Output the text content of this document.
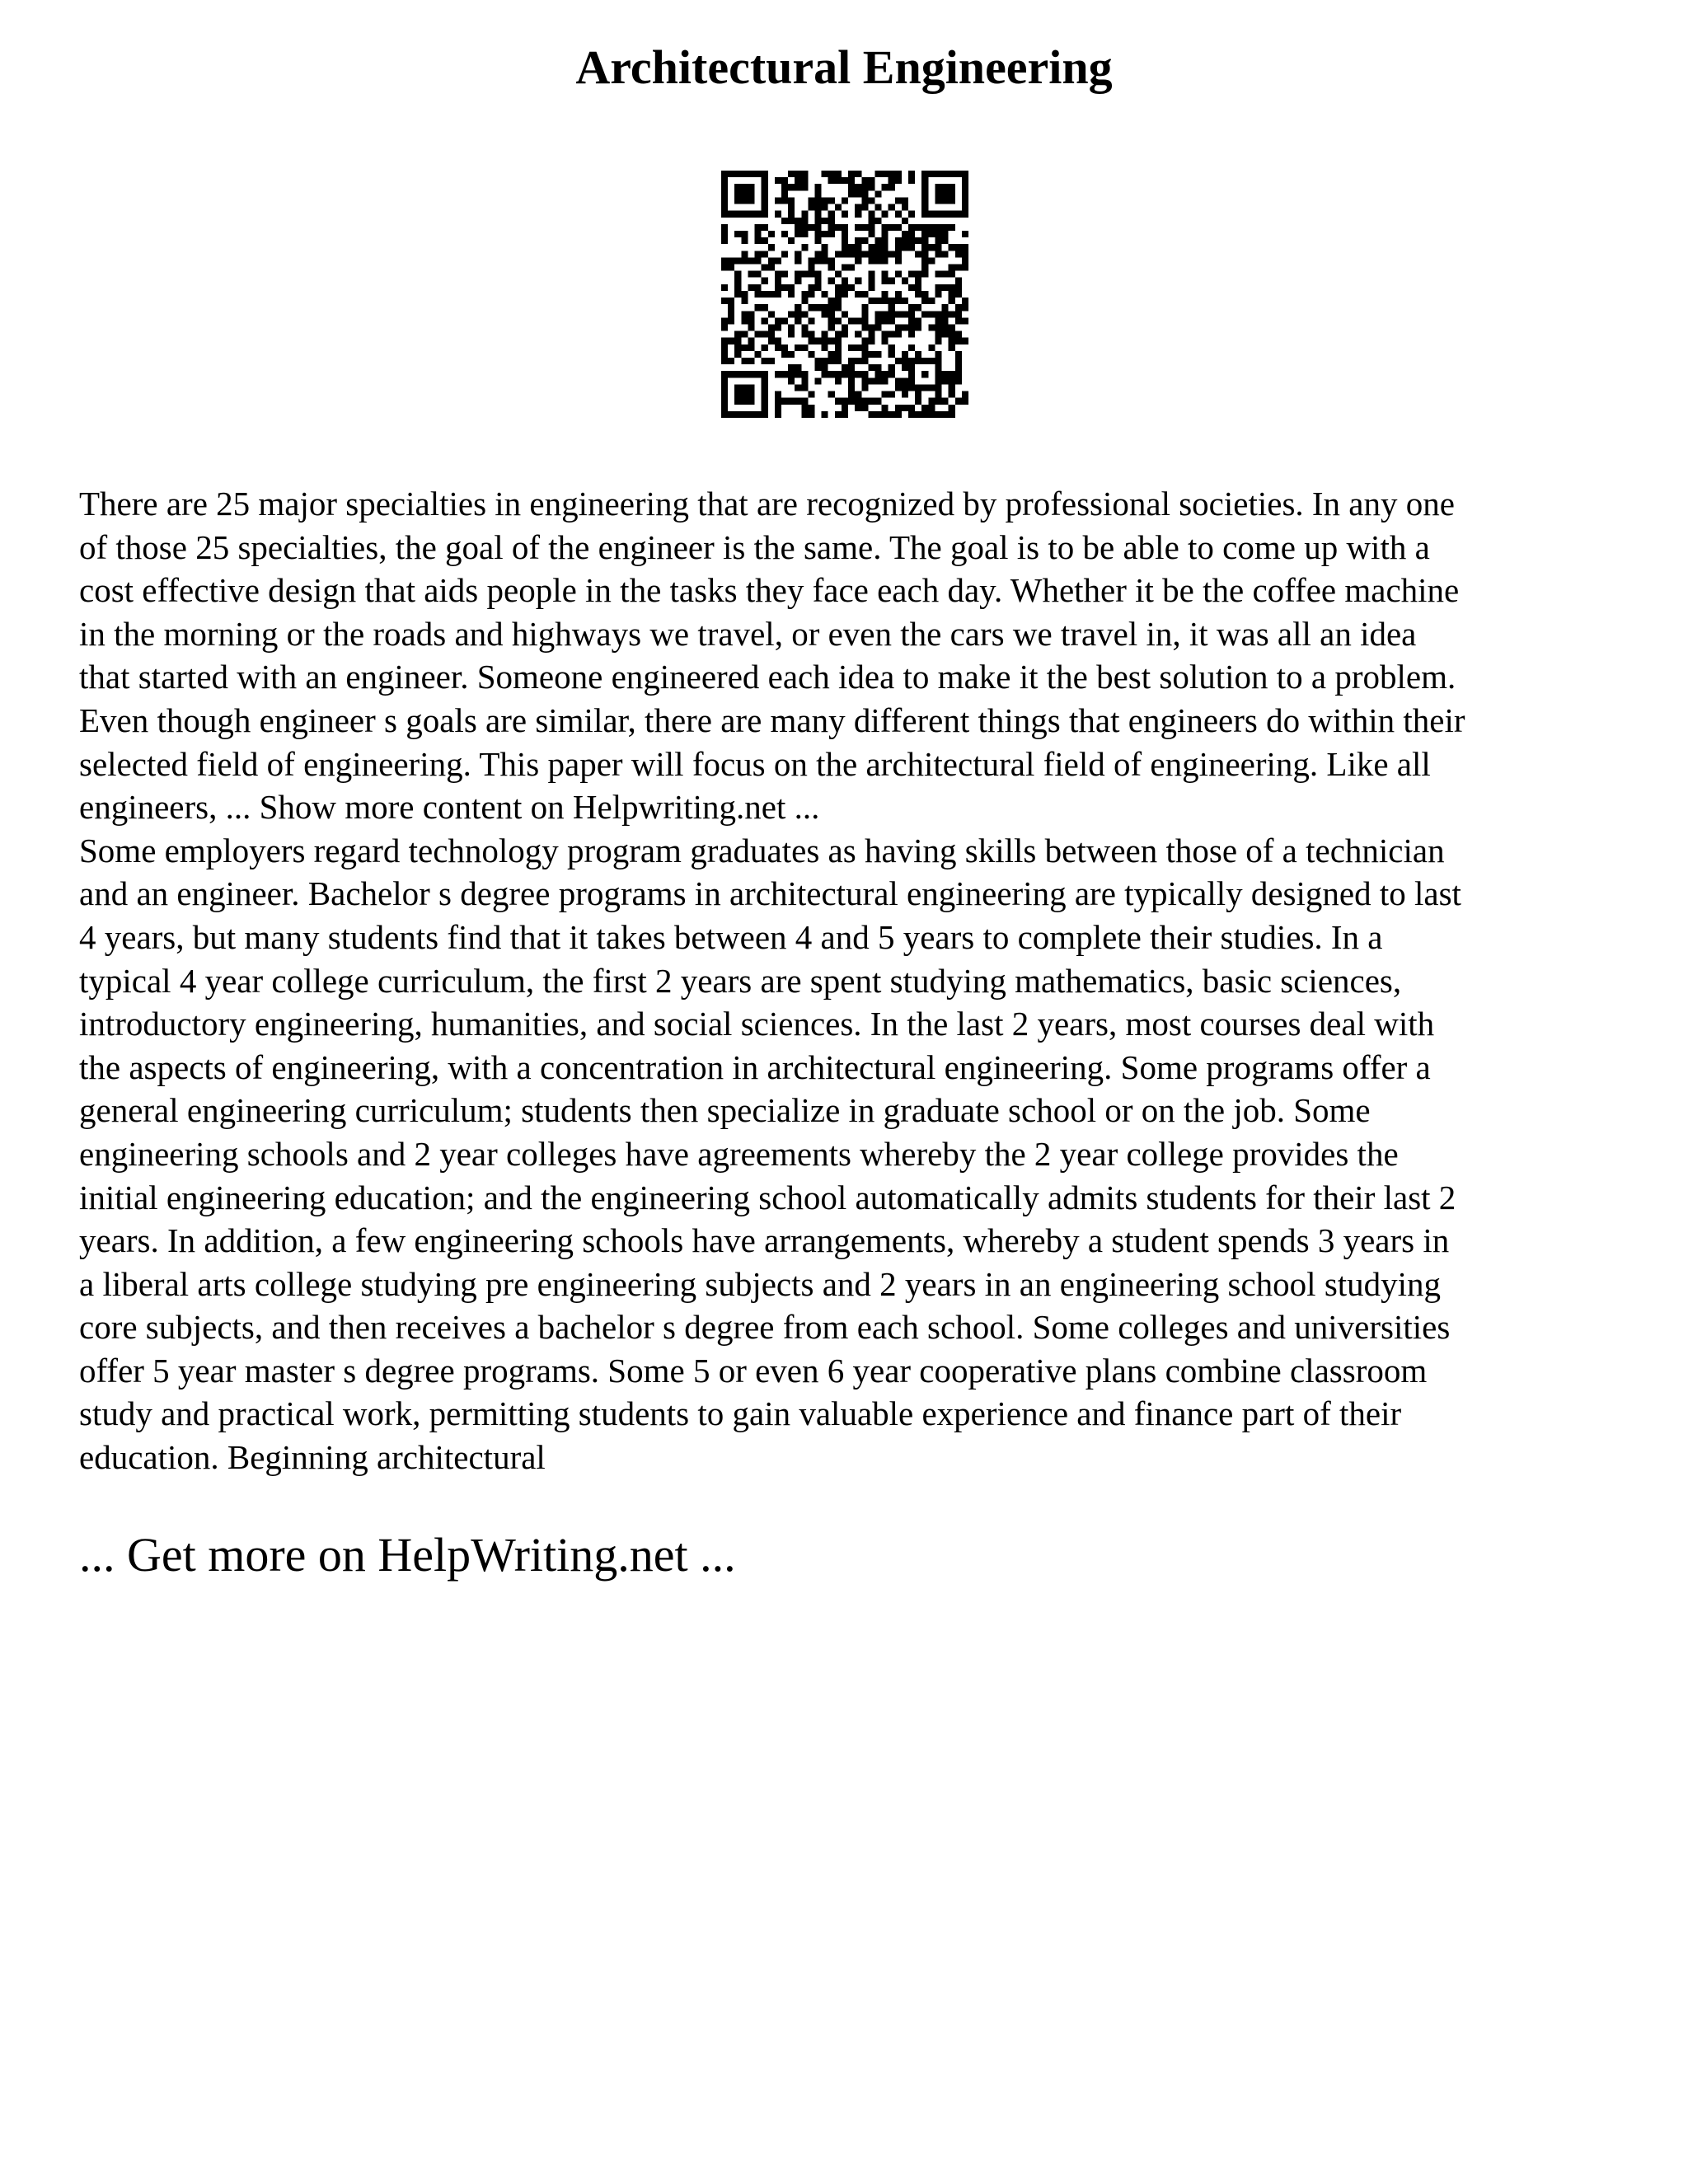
Architectural Engineering

There are 25 major specialties in engineering that are recognized by professional societies. In any one

of those 25 specialties, the goal of the engineer is the same. The goal is to be able to come up with a

cost effective design that aids people in the tasks they face each day. Whether it be the coffee machine

in the morning or the roads and highways we travel, or even the cars we travel in, it was all an idea

that started with an engineer. Someone engineered each idea to make it the best solution to a problem.

Even though engineer s goals are similar, there are many different things that engineers do within their

selected field of engineering. This paper will focus on the architectural field of engineering. Like all

engineers, ... Show more content on Helpwriting.net ...

Some employers regard technology program graduates as having skills between those of a technician

and an engineer. Bachelor s degree programs in architectural engineering are typically designed to last

4 years, but many students find that it takes between 4 and 5 years to complete their studies. In a

typical 4 year college curriculum, the first 2 years are spent studying mathematics, basic sciences,

introductory engineering, humanities, and social sciences. In the last 2 years, most courses deal with

the aspects of engineering, with a concentration in architectural engineering. Some programs offer a

general engineering curriculum; students then specialize in graduate school or on the job. Some

engineering schools and 2 year colleges have agreements whereby the 2 year college provides the

initial engineering education; and the engineering school automatically admits students for their last 2

years. In addition, a few engineering schools have arrangements, whereby a student spends 3 years in

a liberal arts college studying pre engineering subjects and 2 years in an engineering school studying

core subjects, and then receives a bachelor s degree from each school. Some colleges and universities

offer 5 year master s degree programs. Some 5 or even 6 year cooperative plans combine classroom

study and practical work, permitting students to gain valuable experience and finance part of their

education. Beginning architectural

... Get more on HelpWriting.net ...
